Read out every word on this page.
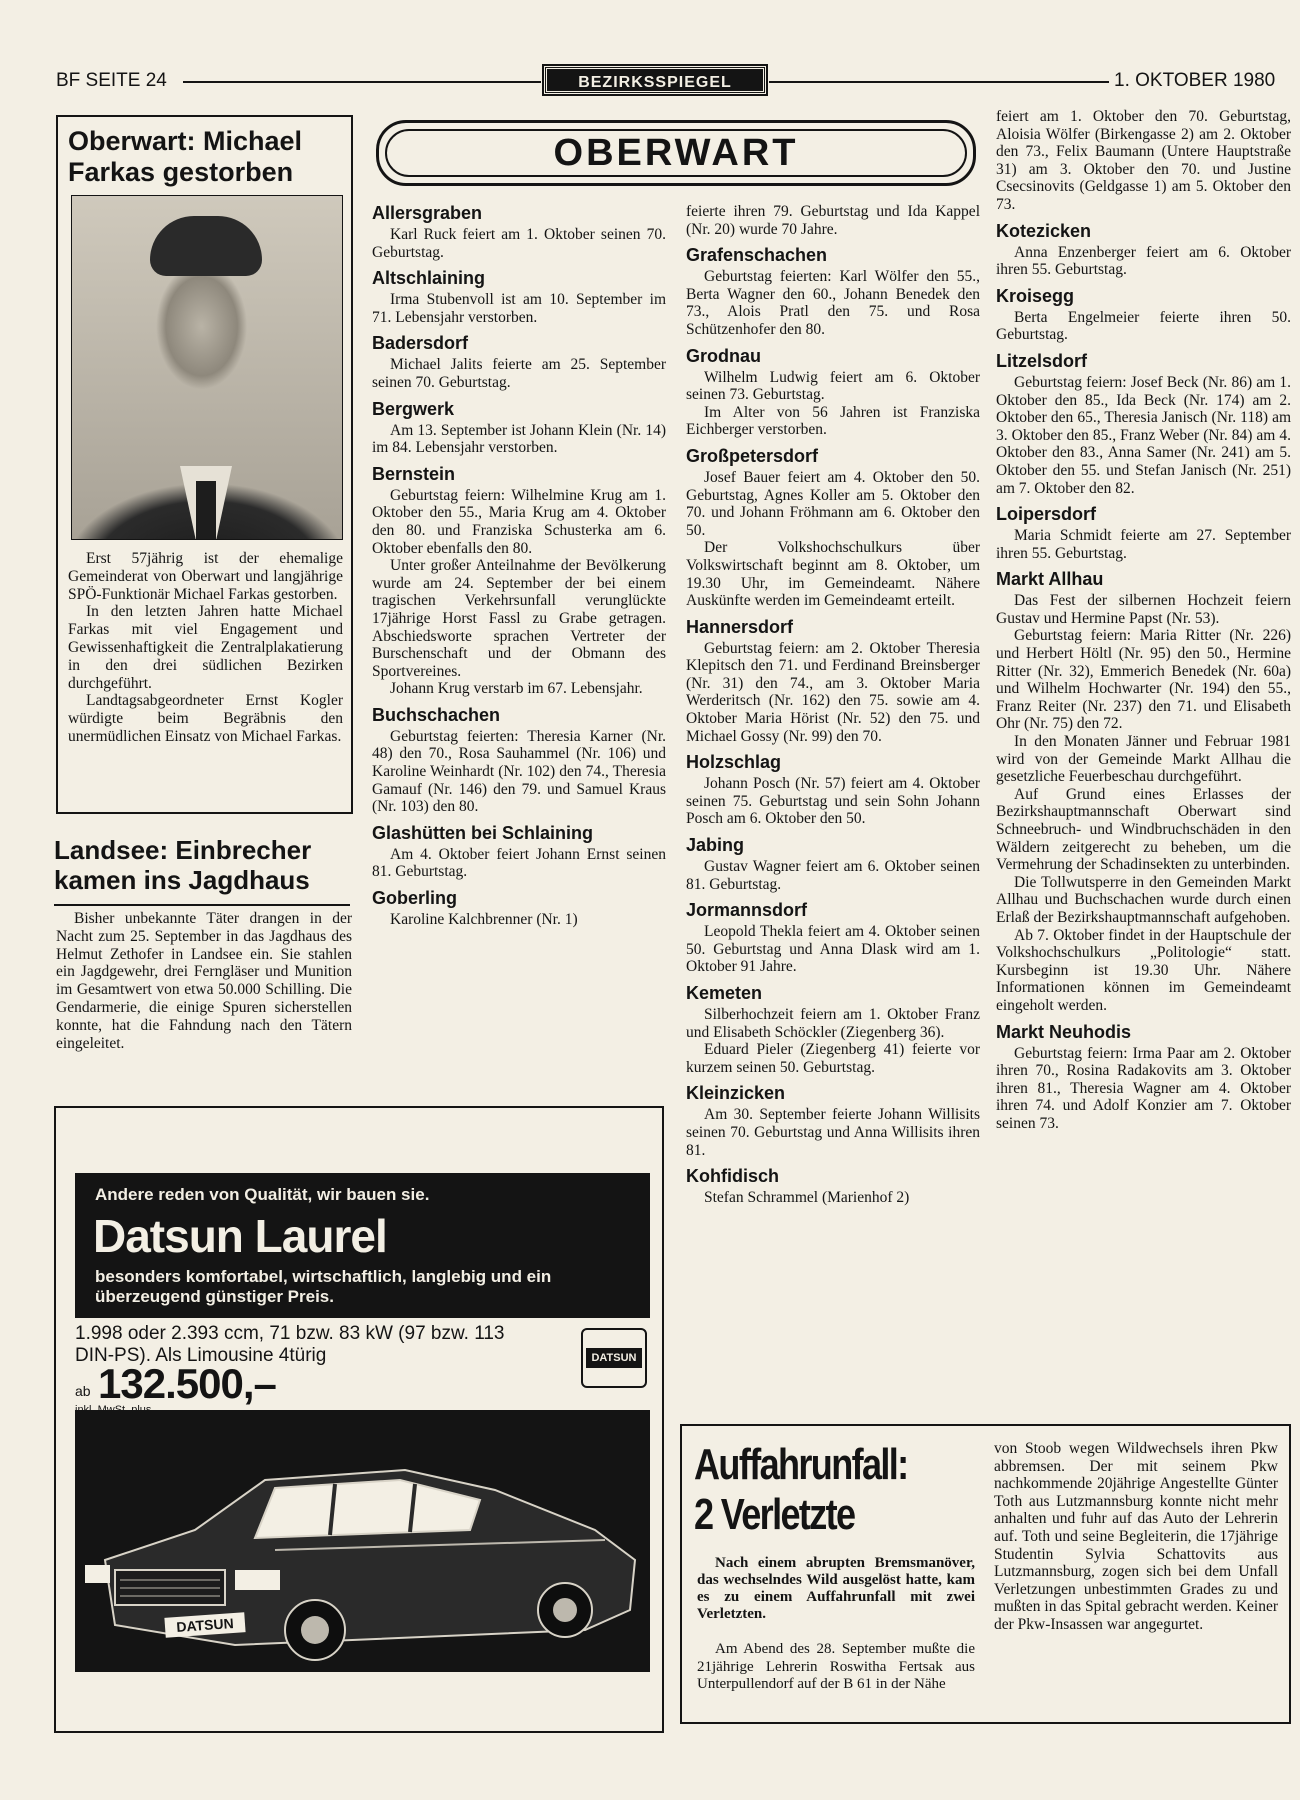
BF SEITE 24	BEZIRKSSPIEGEL	1. OKTOBER 1980
Oberwart: Michael Farkas gestorben

Erst 57jährig ist der ehemalige Gemeinderat von Oberwart und langjährige SPÖ-Funktionär Michael Farkas gestorben.

In den letzten Jahren hatte Michael Farkas mit viel Engagement und Gewissenhaftigkeit die Zentralplakatierung in den drei südlichen Bezirken durchgeführt.

Landtagsabgeordneter Ernst Kogler würdigte beim Begräbnis den unermüdlichen Einsatz von Michael Farkas.

Landsee: Einbrecher kamen ins Jagdhaus

Bisher unbekannte Täter drangen in der Nacht zum 25. September in das Jagdhaus des Helmut Zethofer in Landsee ein. Sie stahlen ein Jagdgewehr, drei Ferngläser und Munition im Gesamtwert von etwa 50.000 Schilling. Die Gendarmerie, die einige Spuren sicherstellen konnte, hat die Fahndung nach den Tätern eingeleitet.

OBERWART
Allersgraben

Karl Ruck feiert am 1. Oktober seinen 70. Geburtstag.

Altschlaining

Irma Stubenvoll ist am 10. September im 71. Lebensjahr verstorben.

Badersdorf

Michael Jalits feierte am 25. September seinen 70. Geburtstag.

Bergwerk

Am 13. September ist Johann Klein (Nr. 14) im 84. Lebensjahr verstorben.

Bernstein

Geburtstag feiern: Wilhelmine Krug am 1. Oktober den 55., Maria Krug am 4. Oktober den 80. und Franziska Schusterka am 6. Oktober ebenfalls den 80.

Unter großer Anteilnahme der Bevölkerung wurde am 24. September der bei einem tragischen Verkehrsunfall verunglückte 17jährige Horst Fassl zu Grabe getragen. Abschiedsworte sprachen Vertreter der Burschenschaft und der Obmann des Sportvereines.

Johann Krug verstarb im 67. Lebensjahr.

Buchschachen

Geburtstag feierten: Theresia Karner (Nr. 48) den 70., Rosa Sauhammel (Nr. 106) und Karoline Weinhardt (Nr. 102) den 74., Theresia Gamauf (Nr. 146) den 79. und Samuel Kraus (Nr. 103) den 80.

Glashütten bei Schlaining

Am 4. Oktober feiert Johann Ernst seinen 81. Geburtstag.

Goberling

Karoline Kalchbrenner (Nr. 1)

feierte ihren 79. Geburtstag und Ida Kappel (Nr. 20) wurde 70 Jahre.

Grafenschachen

Geburtstag feierten: Karl Wölfer den 55., Berta Wagner den 60., Johann Benedek den 73., Alois Pratl den 75. und Rosa Schützenhofer den 80.

Grodnau

Wilhelm Ludwig feiert am 6. Oktober seinen 73. Geburtstag.

Im Alter von 56 Jahren ist Franziska Eichberger verstorben.

Großpetersdorf

Josef Bauer feiert am 4. Oktober den 50. Geburtstag, Agnes Koller am 5. Oktober den 70. und Johann Fröhmann am 6. Oktober den 50.

Der Volkshochschulkurs über Volkswirtschaft beginnt am 8. Oktober, um 19.30 Uhr, im Gemeindeamt. Nähere Auskünfte werden im Gemeindeamt erteilt.

Hannersdorf

Geburtstag feiern: am 2. Oktober Theresia Klepitsch den 71. und Ferdinand Breinsberger (Nr. 31) den 74., am 3. Oktober Maria Werderitsch (Nr. 162) den 75. sowie am 4. Oktober Maria Hörist (Nr. 52) den 75. und Michael Gossy (Nr. 99) den 70.

Holzschlag

Johann Posch (Nr. 57) feiert am 4. Oktober seinen 75. Geburtstag und sein Sohn Johann Posch am 6. Oktober den 50.

Jabing

Gustav Wagner feiert am 6. Oktober seinen 81. Geburtstag.

Jormannsdorf

Leopold Thekla feiert am 4. Oktober seinen 50. Geburtstag und Anna Dlask wird am 1. Oktober 91 Jahre.

Kemeten

Silberhochzeit feiern am 1. Oktober Franz und Elisabeth Schöckler (Ziegenberg 36).

Eduard Pieler (Ziegenberg 41) feierte vor kurzem seinen 50. Geburtstag.

Kleinzicken

Am 30. September feierte Johann Willisits seinen 70. Geburtstag und Anna Willisits ihren 81.

Kohfidisch

Stefan Schrammel (Marienhof 2)

feiert am 1. Oktober den 70. Geburtstag, Aloisia Wölfer (Birkengasse 2) am 2. Oktober den 73., Felix Baumann (Untere Hauptstraße 31) am 3. Oktober den 70. und Justine Csecsinovits (Geldgasse 1) am 5. Oktober den 73.

Kotezicken

Anna Enzenberger feiert am 6. Oktober ihren 55. Geburtstag.

Kroisegg

Berta Engelmeier feierte ihren 50. Geburtstag.

Litzelsdorf

Geburtstag feiern: Josef Beck (Nr. 86) am 1. Oktober den 85., Ida Beck (Nr. 174) am 2. Oktober den 65., Theresia Janisch (Nr. 118) am 3. Oktober den 85., Franz Weber (Nr. 84) am 4. Oktober den 83., Anna Samer (Nr. 241) am 5. Oktober den 55. und Stefan Janisch (Nr. 251) am 7. Oktober den 82.

Loipersdorf

Maria Schmidt feierte am 27. September ihren 55. Geburtstag.

Markt Allhau

Das Fest der silbernen Hochzeit feiern Gustav und Hermine Papst (Nr. 53).

Geburtstag feiern: Maria Ritter (Nr. 226) und Herbert Höltl (Nr. 95) den 50., Hermine Ritter (Nr. 32), Emmerich Benedek (Nr. 60a) und Wilhelm Hochwarter (Nr. 194) den 55., Franz Reiter (Nr. 237) den 71. und Elisabeth Ohr (Nr. 75) den 72.

In den Monaten Jänner und Februar 1981 wird von der Gemeinde Markt Allhau die gesetzliche Feuerbeschau durchgeführt.

Auf Grund eines Erlasses der Bezirkshauptmannschaft Oberwart sind Schneebruch- und Windbruchschäden in den Wäldern zeitgerecht zu beheben, um die Vermehrung der Schadinsekten zu unterbinden.

Die Tollwutsperre in den Gemeinden Markt Allhau und Buchschachen wurde durch einen Erlaß der Bezirkshauptmannschaft aufgehoben.

Ab 7. Oktober findet in der Hauptschule der Volkshochschulkurs „Politologie“ statt. Kursbeginn ist 19.30 Uhr. Nähere Informationen können im Gemeindeamt eingeholt werden.

Markt Neuhodis

Geburtstag feiern: Irma Paar am 2. Oktober ihren 70., Rosina Radakovits am 3. Oktober ihren 81., Theresia Wagner am 4. Oktober ihren 74. und Adolf Konzier am 7. Oktober seinen 73.

Andere reden von Qualität, wir bauen sie.
Datsun Laurel
besonders komfortabel, wirtschaftlich, langlebig und ein überzeugend günstiger Preis.
1.998 oder 2.393 ccm, 71 bzw. 83 kW (97 bzw. 113 DIN-PS). Als Limousine 4türig
ab 132.500,–
DATSUN
DATSUN
Auffahrunfall:
2 Verletzte

Nach einem abrupten Bremsmanöver, das wechselndes Wild ausgelöst hatte, kam es zu einem Auffahrunfall mit zwei Verletzten.

Am Abend des 28. September mußte die 21jährige Lehrerin Roswitha Fertsak aus Unterpullendorf auf der B 61 in der Nähe

von Stoob wegen Wildwechsels ihren Pkw abbremsen. Der mit seinem Pkw nachkommende 20jährige Angestellte Günter Toth aus Lutzmannsburg konnte nicht mehr anhalten und fuhr auf das Auto der Lehrerin auf. Toth und seine Begleiterin, die 17jährige Studentin Sylvia Schattovits aus Lutzmannsburg, zogen sich bei dem Unfall Verletzungen unbestimmten Grades zu und mußten in das Spital gebracht werden. Keiner der Pkw-Insassen war angegurtet.
